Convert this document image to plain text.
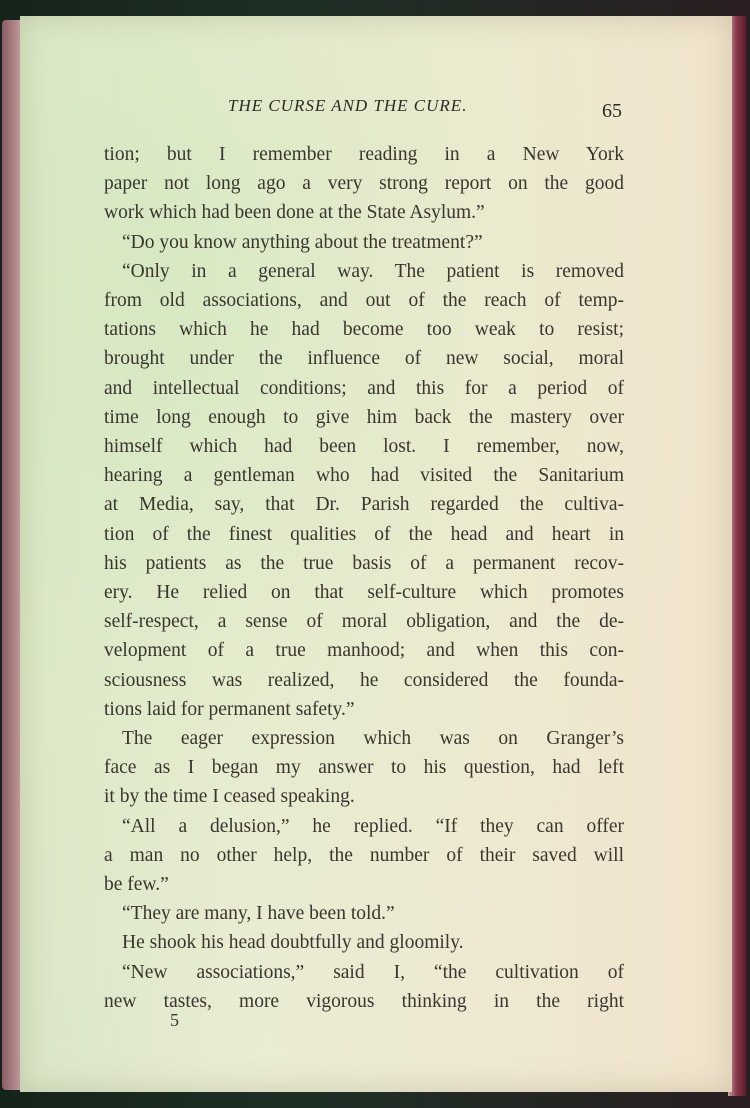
THE CURSE AND THE CURE.	65
tion; but I remember reading in a New York
paper not long ago a very strong report on the good
work which had been done at the State Asylum.”
“Do you know anything about the treatment?”
“Only in a general way. The patient is removed
from old associations, and out of the reach of temp-
tations which he had become too weak to resist;
brought under the influence of new social, moral
and intellectual conditions; and this for a period of
time long enough to give him back the mastery over
himself which had been lost. I remember, now,
hearing a gentleman who had visited the Sanitarium
at Media, say, that Dr. Parish regarded the cultiva-
tion of the finest qualities of the head and heart in
his patients as the true basis of a permanent recov-
ery. He relied on that self-culture which promotes
self-respect, a sense of moral obligation, and the de-
velopment of a true manhood; and when this con-
sciousness was realized, he considered the founda-
tions laid for permanent safety.”
The eager expression which was on Granger’s
face as I began my answer to his question, had left
it by the time I ceased speaking.
“All a delusion,” he replied. “If they can offer
a man no other help, the number of their saved will
be few.”
“They are many, I have been told.”
He shook his head doubtfully and gloomily.
“New associations,” said I, “the cultivation of
new tastes, more vigorous thinking in the right
5
